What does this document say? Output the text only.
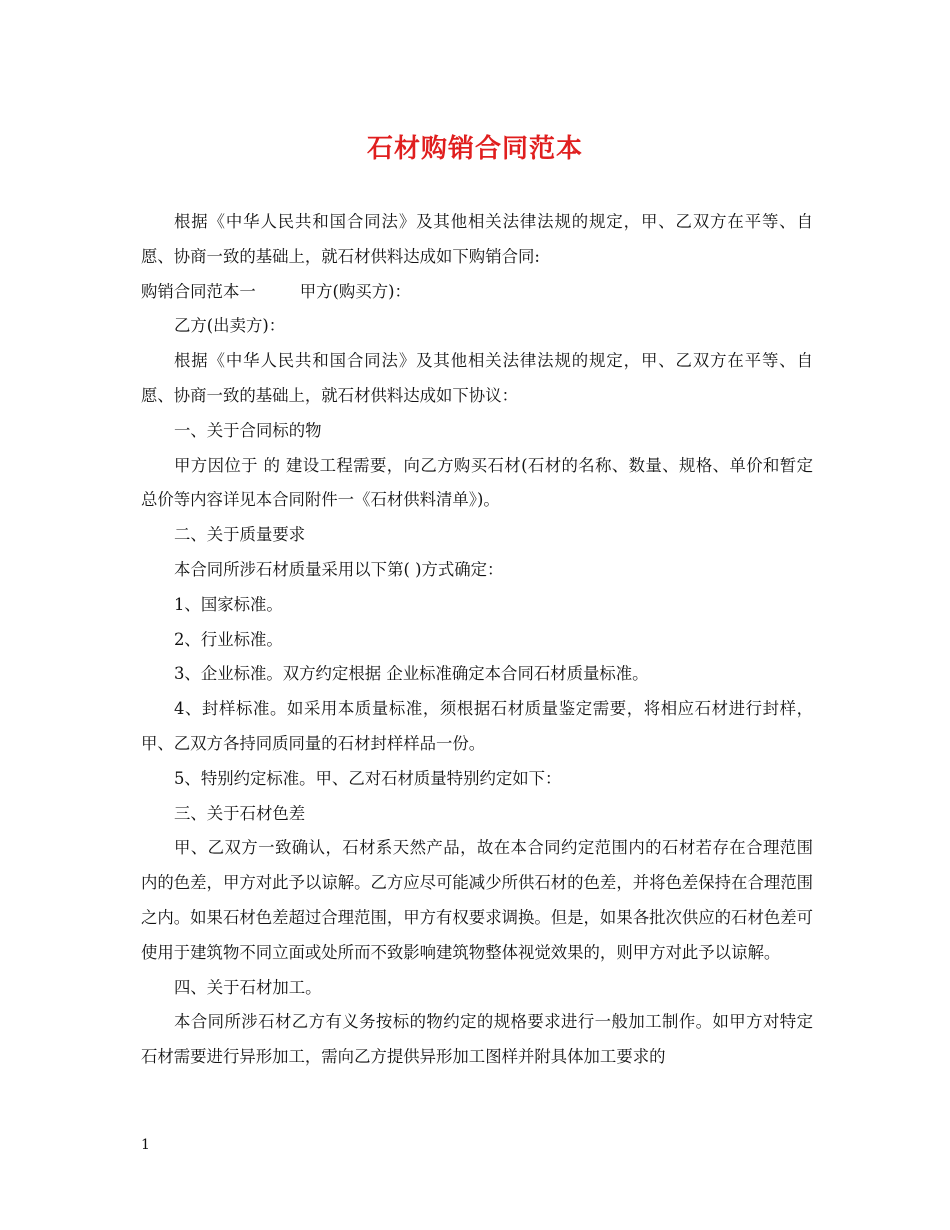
石材购销合同范本

根据《中华人民共和国合同法》及其他相关法律法规的规定，甲、乙双方在平等、自愿、协商一致的基础上，就石材供料达成如下购销合同:

购销合同范本一	甲方(购买方)：

乙方(出卖方)：

根据《中华人民共和国合同法》及其他相关法律法规的规定，甲、乙双方在平等、自愿、协商一致的基础上，就石材供料达成如下协议：

一、关于合同标的物

甲方因位于 的 建设工程需要，向乙方购买石材(石材的名称、数量、规格、单价和暂定总价等内容详见本合同附件一《石材供料清单》)。

二、关于质量要求

本合同所涉石材质量采用以下第( )方式确定：

1、国家标准。

2、行业标准。

3、企业标准。双方约定根据 企业标准确定本合同石材质量标准。

4、封样标准。如采用本质量标准，须根据石材质量鉴定需要，将相应石材进行封样，甲、乙双方各持同质同量的石材封样样品一份。

5、特别约定标准。甲、乙对石材质量特别约定如下：

三、关于石材色差

甲、乙双方一致确认，石材系天然产品，故在本合同约定范围内的石材若存在合理范围内的色差，甲方对此予以谅解。乙方应尽可能减少所供石材的色差，并将色差保持在合理范围之内。如果石材色差超过合理范围，甲方有权要求调换。但是，如果各批次供应的石材色差可使用于建筑物不同立面或处所而不致影响建筑物整体视觉效果的，则甲方对此予以谅解。

四、关于石材加工。

本合同所涉石材乙方有义务按标的物约定的规格要求进行一般加工制作。如甲方对特定石材需要进行异形加工，需向乙方提供异形加工图样并附具体加工要求的

1
